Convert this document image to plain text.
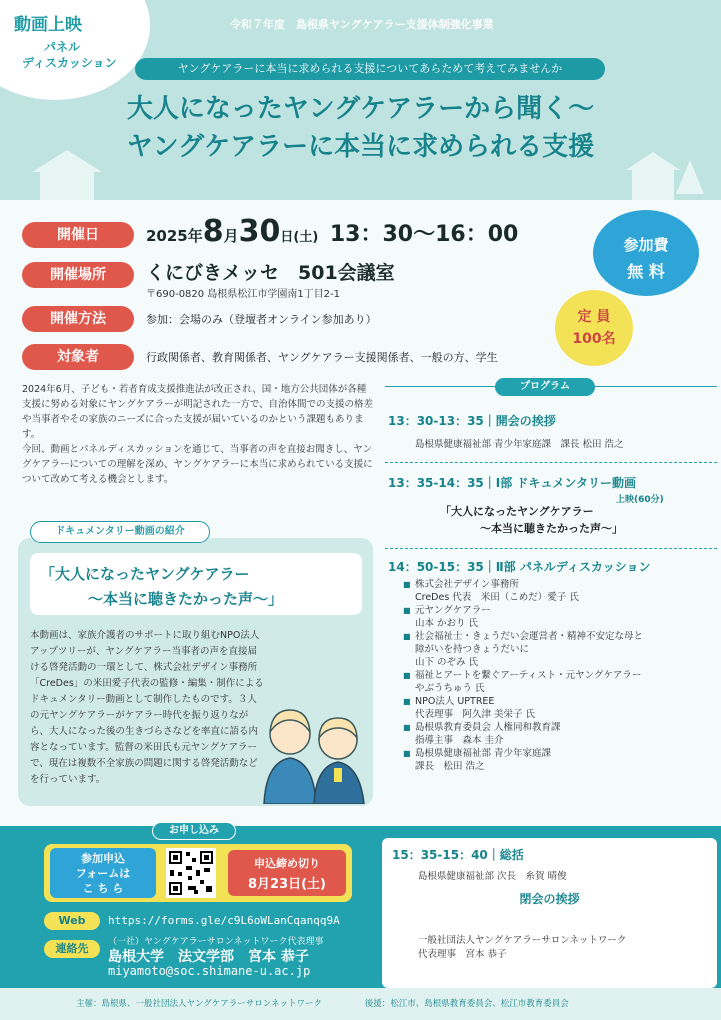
動画上映
パネル
ディスカッション
令和７年度　島根県ヤングケアラー支援体制強化事業
ヤングケアラーに本当に求められる支援についてあらためて考えてみませんか
大人になったヤングケアラーから聞く〜
ヤングケアラーに本当に求められる支援
開催日	2025年8月30日(土) 13：30〜16：00
開催場所	くにびきメッセ　501会議室
〒690-0820 島根県松江市学園南1丁目2-1
開催方法	参加：会場のみ（登壇者オンライン参加あり）
対象者	行政関係者、教育関係者、ヤングケアラー支援関係者、一般の方、学生
参加費
無 料
定 員
100名

2024年6月、子ども・若者育成支援推進法が改正され、国・地方公共団体が各種支援に努める対象にヤングケアラーが明記された一方で、自治体間での支援の格差や当事者やその家族のニーズに合った支援が届いているのかという課題もあります。

今回、動画とパネルディスカッションを通じて、当事者の声を直接お聞きし、ヤングケアラーについての理解を深め、ヤングケアラーに本当に求められている支援について改めて考える機会とします。

ドキュメンタリー動画の紹介
「大人になったヤングケアラー
〜本当に聴きたかった声〜」
本動画は、家族介護者のサポートに取り組むNPO法人アップツリーが、ヤングケアラー当事者の声を直接届ける啓発活動の一環として、株式会社デザイン事務所「CreDes」の米田愛子代表の監修・編集・制作によるドキュメンタリー動画として制作したものです。３人の元ヤングケアラーがケアラー時代を振り返りながら、大人になった後の生きづらさなどを率直に語る内容となっています。監督の米田氏も元ヤングケアラーで、現在は複数不全家族の問題に関する啓発活動などを行っています。
プログラム
13：30-13：35｜開会の挨拶
島根県健康福祉部 青少年家庭課　課長 松田 浩之
13：35-14：35｜Ⅰ部 ドキュメンタリー動画
上映(60分)
「大人になったヤングケアラー
〜本当に聴きたかった声〜」
14：50-15：35｜Ⅱ部 パネルディスカッション
■ 株式会社デザイン事務所
CreDes 代表　米田（こめだ）愛子 氏
■ 元ヤングケアラー
山本 かおり 氏
■ 社会福祉士・きょうだい会運営者・精神不安定な母と
障がいを持つきょうだいに
山下 のぞみ 氏
■ 福祉とアートを繋ぐアーティスト・元ヤングケアラー
やぶうちゅう 氏
■ NPO法人 UPTREE
代表理事　阿久津 美栄子 氏
■ 島根県教育委員会 人権同和教育課
指導主事　森本 圭介
■ 島根県健康福祉部 青少年家庭課
課長　松田 浩之
15：35-15：40｜総括
島根県健康福祉部 次長　糸賀 晴俊
閉会の挨拶
一般社団法人ヤングケアラーサロンネットワーク
代表理事　宮本 恭子
お申し込み
参加申込
フォームは
こ ち ら
申込締め切り
8月23日(土)
Web	https://forms.gle/c9L6oWLanCqanqq9A
連絡先	（一社）ヤングケアラーサロンネットワーク代表理事
島根大学　法文学部　宮本 恭子
miyamoto@soc.shimane-u.ac.jp
主催：島根県、一般社団法人ヤングケアラーサロンネットワーク	後援：松江市、島根県教育委員会、松江市教育委員会
